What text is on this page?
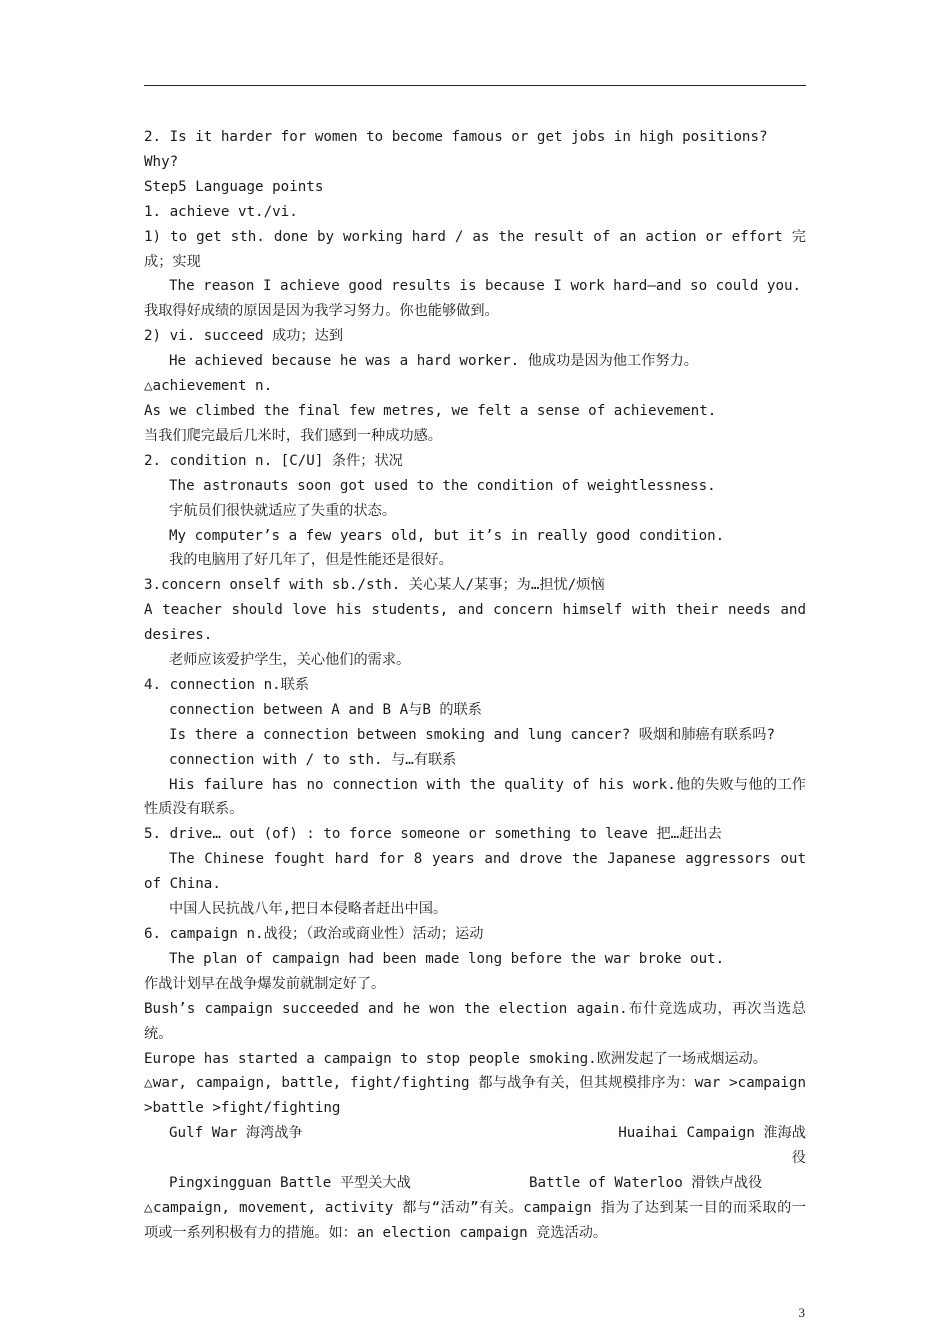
2. Is it harder for women to become famous or get jobs in high positions? Why?

Step5 Language points

1. achieve vt./vi.

1) to get sth. done by working hard / as the result of an action or effort 完成；实现

The reason I achieve good results is because I work hard—and so could you.

我取得好成绩的原因是因为我学习努力。你也能够做到。

2) vi. succeed 成功；达到

He achieved because he was a hard worker. 他成功是因为他工作努力。

△achievement n.

As we climbed the final few metres, we felt a sense of achievement.

当我们爬完最后几米时，我们感到一种成功感。

2. condition n. [C/U] 条件；状况

The astronauts soon got used to the condition of weightlessness.

宇航员们很快就适应了失重的状态。

My computer’s a few years old, but it’s in really good condition.

我的电脑用了好几年了，但是性能还是很好。

3.concern onself with sb./sth. 关心某人/某事；为…担忧/烦恼

A teacher should love his students, and concern himself with their needs and desires.

老师应该爱护学生，关心他们的需求。

4. connection n.联系

connection between A and B A与B 的联系

Is there a connection between smoking and lung cancer? 吸烟和肺癌有联系吗?

connection with / to sth. 与…有联系

His failure has no connection with the quality of his work.他的失败与他的工作性质没有联系。

5. drive… out (of) : to force someone or something to leave 把…赶出去

The Chinese fought hard for 8 years and drove the Japanese aggressors out of China.

中国人民抗战八年,把日本侵略者赶出中国。

6. campaign n.战役；（政治或商业性）活动；运动

The plan of campaign had been made long before the war broke out.

作战计划早在战争爆发前就制定好了。

Bush’s campaign succeeded and he won the election again.布什竞选成功，再次当选总统。

Europe has started a campaign to stop people smoking.欧洲发起了一场戒烟运动。

△war, campaign, battle, fight/fighting 都与战争有关，但其规模排序为：war >campaign >battle >fight/fighting

Gulf War 海湾战争	Huaihai Campaign 淮海战役
Pingxingguan Battle 平型关大战	Battle of Waterloo 滑铁卢战役

△campaign, movement, activity 都与“活动”有关。campaign 指为了达到某一目的而采取的一项或一系列积极有力的措施。如：an election campaign 竞选活动。

3
